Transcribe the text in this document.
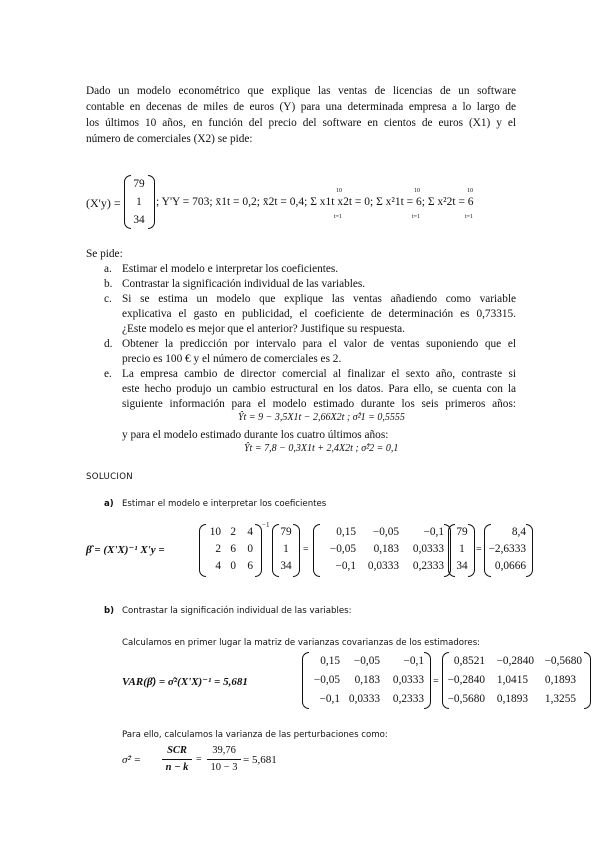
Dado un modelo econométrico que explique las ventas de licencias de un software
contable en decenas de miles de euros (Y) para una determinada empresa a lo largo de
los últimos 10 años, en función del precio del software en cientos de euros (X1) y el
número de comerciales (X2) se pide:
(X'y) =
79
1
34
; Y'Y = 703; x̄1t = 0,2; x̄2t = 0,4; Σ x1t x2t = 0; Σ x²1t = 6; Σ x²2t = 6
10
t=1
10
t=1
10
t=1
Se pide:
a. Estimar el modelo e interpretar los coeficientes.
b. Contrastar la significación individual de las variables.
c. Si se estima un modelo que explique las ventas añadiendo como variable
explicativa el gasto en publicidad, el coeficiente de determinación es 0,73315.
¿Este modelo es mejor que el anterior? Justifique su respuesta.
d. Obtener la predicción por intervalo para el valor de ventas suponiendo que el
precio es 100 € y el número de comerciales es 2.
e. La empresa cambio de director comercial al finalizar el sexto año, contraste si
este hecho produjo un cambio estructural en los datos. Para ello, se cuenta con la
siguiente información para el modelo estimado durante los seis primeros años:
Ŷt = 9 − 3,5X1t − 2,66X2t ; σ̂²1 = 0,5555
y para el modelo estimado durante los cuatro últimos años:
Ŷt = 7,8 − 0,3X1t + 2,4X2t ; σ̂²2 = 0,1
SOLUCION
a) Estimar el modelo e interpretar los coeficientes
β̂ = (X'X)⁻¹ X'y =
10 2	4
2 6	0
4 0	6
−1
79
1
34
=
0,15	−0,05	−0,1
−0,05	0,183	0,0333
−0,1	0,0333	0,2333
79
1
34
=
8,4
−2,6333
0,0666
b) Contrastar la significación individual de las variables:
Calculamos en primer lugar la matriz de varianzas covarianzas de los estimadores:
VAR(β̂) = σ̂²(X'X)⁻¹ = 5,681
0,15	−0,05	−0,1
−0,05	0,183	0,0333
−0,1 0,0333	0,2333
=
0,8521	−0,2840 −0,5680
−0,2840	1,0415	0,1893
−0,5680	0,1893	1,3255
Para ello, calculamos la varianza de las perturbaciones como:
σ̂² =
SCR
n − k
=
39,76
10 − 3
= 5,681
